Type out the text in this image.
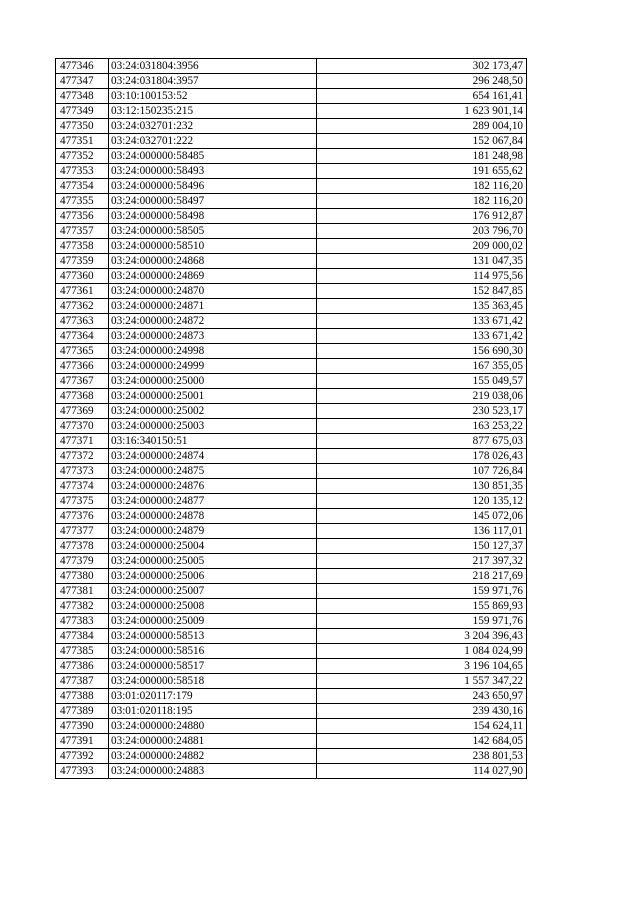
477346	03:24:031804:3956	302 173,47
477347	03:24:031804:3957	296 248,50
477348	03:10:100153:52	654 161,41
477349	03:12:150235:215	1 623 901,14
477350	03:24:032701:232	289 004,10
477351	03:24:032701:222	152 067,84
477352	03:24:000000:58485	181 248,98
477353	03:24:000000:58493	191 655,62
477354	03:24:000000:58496	182 116,20
477355	03:24:000000:58497	182 116,20
477356	03:24:000000:58498	176 912,87
477357	03:24:000000:58505	203 796,70
477358	03:24:000000:58510	209 000,02
477359	03:24:000000:24868	131 047,35
477360	03:24:000000:24869	114 975,56
477361	03:24:000000:24870	152 847,85
477362	03:24:000000:24871	135 363,45
477363	03:24:000000:24872	133 671,42
477364	03:24:000000:24873	133 671,42
477365	03:24:000000:24998	156 690,30
477366	03:24:000000:24999	167 355,05
477367	03:24:000000:25000	155 049,57
477368	03:24:000000:25001	219 038,06
477369	03:24:000000:25002	230 523,17
477370	03:24:000000:25003	163 253,22
477371	03:16:340150:51	877 675,03
477372	03:24:000000:24874	178 026,43
477373	03:24:000000:24875	107 726,84
477374	03:24:000000:24876	130 851,35
477375	03:24:000000:24877	120 135,12
477376	03:24:000000:24878	145 072,06
477377	03:24:000000:24879	136 117,01
477378	03:24:000000:25004	150 127,37
477379	03:24:000000:25005	217 397,32
477380	03:24:000000:25006	218 217,69
477381	03:24:000000:25007	159 971,76
477382	03:24:000000:25008	155 869,93
477383	03:24:000000:25009	159 971,76
477384	03:24:000000:58513	3 204 396,43
477385	03:24:000000:58516	1 084 024,99
477386	03:24:000000:58517	3 196 104,65
477387	03:24:000000:58518	1 557 347,22
477388	03:01:020117:179	243 650,97
477389	03:01:020118:195	239 430,16
477390	03:24:000000:24880	154 624,11
477391	03:24:000000:24881	142 684,05
477392	03:24:000000:24882	238 801,53
477393	03:24:000000:24883	114 027,90
